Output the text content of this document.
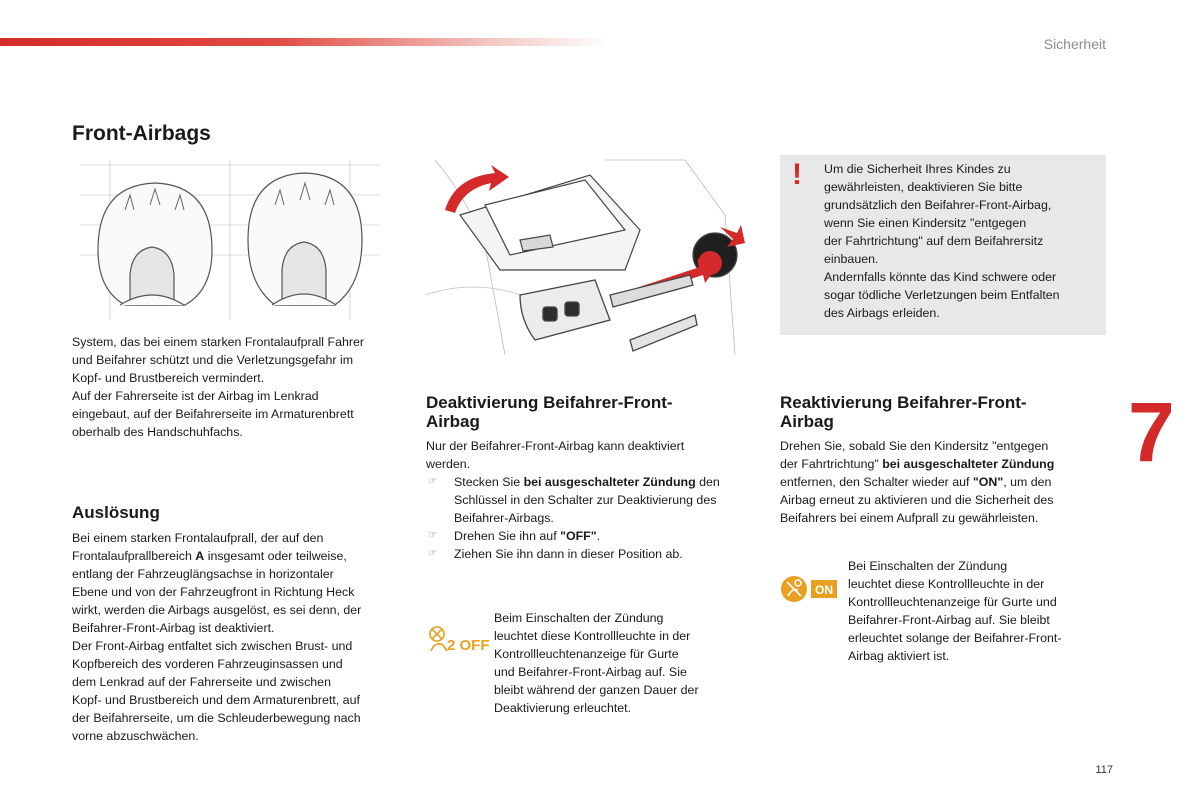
Sicherheit
Front-Airbags
System, das bei einem starken Frontalaufprall Fahrer
und Beifahrer schützt und die Verletzungsgefahr im
Kopf- und Brustbereich vermindert.
Auf der Fahrerseite ist der Airbag im Lenkrad
eingebaut, auf der Beifahrerseite im Armaturenbrett
oberhalb des Handschuhfachs.
Auslösung
Bei einem starken Frontalaufprall, der auf den
Frontalaufprallbereich A insgesamt oder teilweise,
entlang der Fahrzeuglängsachse in horizontaler
Ebene und von der Fahrzeugfront in Richtung Heck
wirkt, werden die Airbags ausgelöst, es sei denn, der
Beifahrer-Front-Airbag ist deaktiviert.
Der Front-Airbag entfaltet sich zwischen Brust- und
Kopfbereich des vorderen Fahrzeuginsassen und
dem Lenkrad auf der Fahrerseite und zwischen
Kopf- und Brustbereich und dem Armaturenbrett, auf
der Beifahrerseite, um die Schleuderbewegung nach
vorne abzuschwächen.
Deaktivierung Beifahrer-Front-
Airbag
Nur der Beifahrer-Front-Airbag kann deaktiviert
werden.
☞ Stecken Sie bei ausgeschalteter Zündung den
Schlüssel in den Schalter zur Deaktivierung des
Beifahrer-Airbags.
☞ Drehen Sie ihn auf "OFF".
☞ Ziehen Sie ihn dann in dieser Position ab.
2 OFF
Beim Einschalten der Zündung
leuchtet diese Kontrollleuchte in der
Kontrollleuchtenanzeige für Gurte
und Beifahrer-Front-Airbag auf. Sie
bleibt während der ganzen Dauer der
Deaktivierung erleuchtet.
! Um die Sicherheit Ihres Kindes zu
gewährleisten, deaktivieren Sie bitte
grundsätzlich den Beifahrer-Front-Airbag,
wenn Sie einen Kindersitz "entgegen
der Fahrtrichtung" auf dem Beifahrersitz
einbauen.
Andernfalls könnte das Kind schwere oder
sogar tödliche Verletzungen beim Entfalten
des Airbags erleiden.
Reaktivierung Beifahrer-Front-
Airbag
Drehen Sie, sobald Sie den Kindersitz "entgegen
der Fahrtrichtung" bei ausgeschalteter Zündung
entfernen, den Schalter wieder auf "ON", um den
Airbag erneut zu aktivieren und die Sicherheit des
Beifahrers bei einem Aufprall zu gewährleisten.
ON
Bei Einschalten der Zündung
leuchtet diese Kontrollleuchte in der
Kontrollleuchtenanzeige für Gurte und
Beifahrer-Front-Airbag auf. Sie bleibt
erleuchtet solange der Beifahrer-Front-
Airbag aktiviert ist.
7
117
